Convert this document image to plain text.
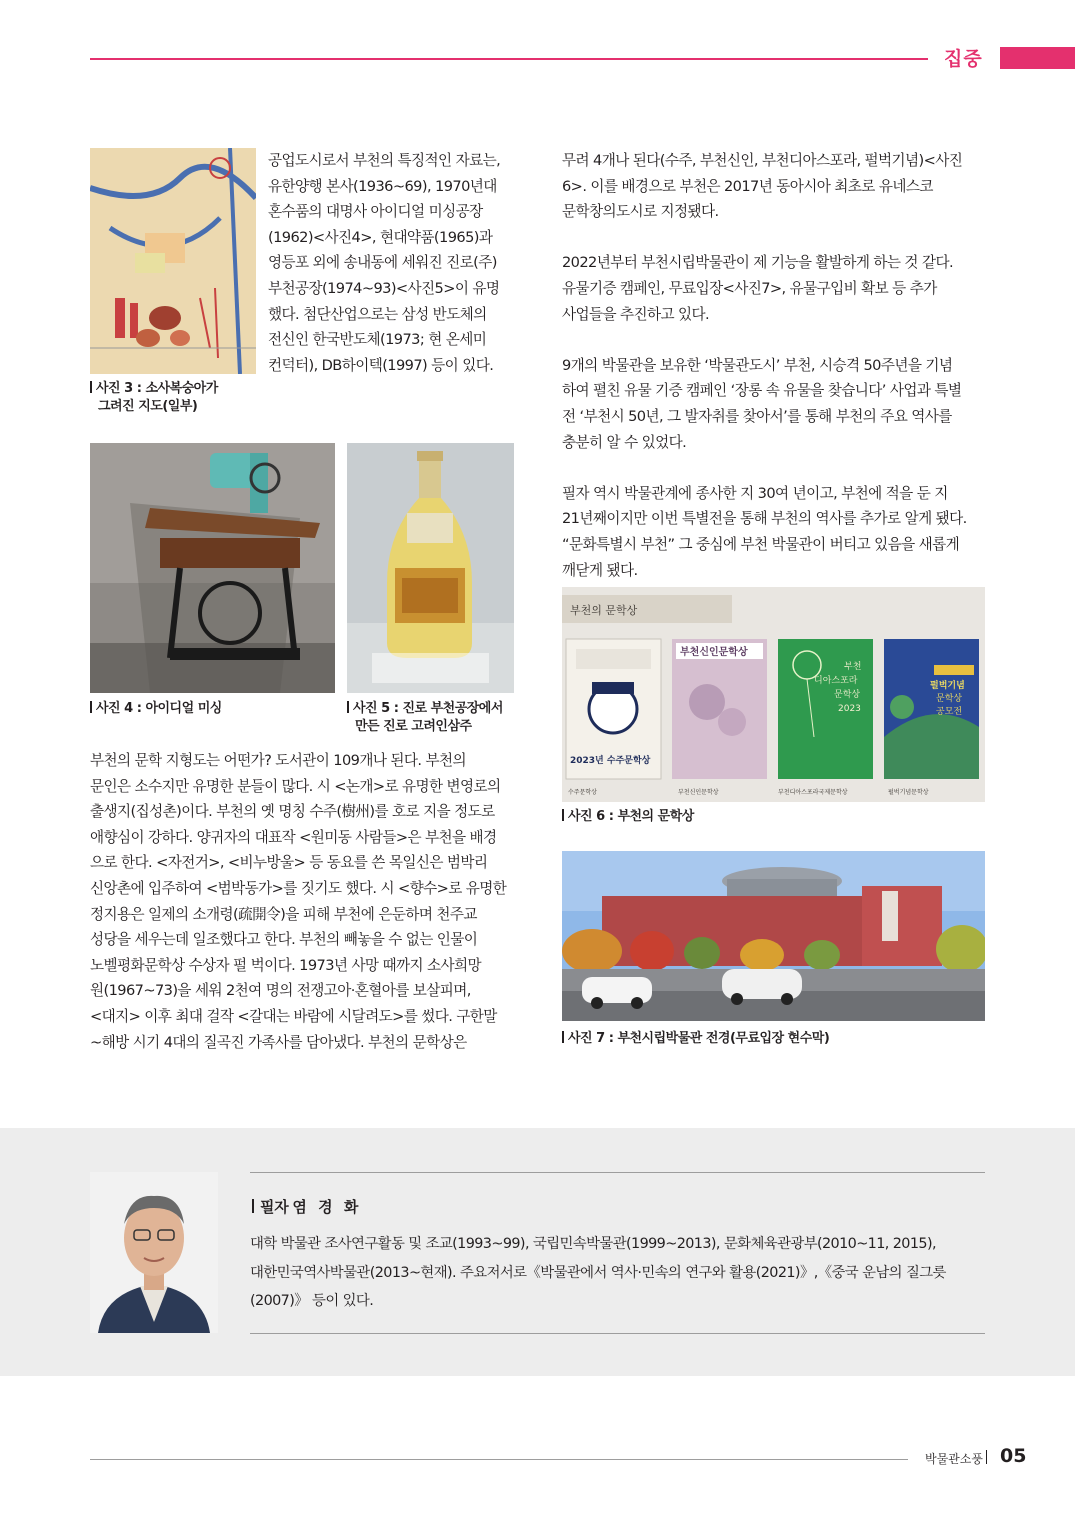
집중

공업도시로서 부천의 특징적인 자료는,

유한양행 본사(1936~69), 1970년대

혼수품의 대명사 아이디얼 미싱공장

(1962)<사진4>, 현대약품(1965)과

영등포 외에 송내동에 세워진 진로(주)

부천공장(1974~93)<사진5>이 유명

했다. 첨단산업으로는 삼성 반도체의

전신인 한국반도체(1973; 현 온세미

컨덕터), DB하이텍(1997) 등이 있다.

사진 3 : 소사복숭아가
그려진 지도(일부)
사진 4 : 아이디얼 미싱	사진 5 : 진로 부천공장에서
만든 진로 고려인삼주

부천의 문학 지형도는 어떤가? 도서관이 109개나 된다. 부천의

문인은 소수지만 유명한 분들이 많다. 시 <논개>로 유명한 변영로의

출생지(집성촌)이다. 부천의 옛 명칭 수주(樹州)를 호로 지을 정도로

애향심이 강하다. 양귀자의 대표작 <원미동 사람들>은 부천을 배경

으로 한다. <자전거>, <비누방울> 등 동요를 쓴 목일신은 범박리

신앙촌에 입주하여 <범박동가>를 짓기도 했다. 시 <향수>로 유명한

정지용은 일제의 소개령(疏開令)을 피해 부천에 은둔하며 천주교

성당을 세우는데 일조했다고 한다. 부천의 빼놓을 수 없는 인물이

노벨평화문학상 수상자 펄 벅이다. 1973년 사망 때까지 소사희망

원(1967~73)을 세워 2천여 명의 전쟁고아·혼혈아를 보살피며,

<대지> 이후 최대 걸작 <갈대는 바람에 시달려도>를 썼다. 구한말

~해방 시기 4대의 질곡진 가족사를 담아냈다. 부천의 문학상은

무려 4개나 된다(수주, 부천신인, 부천디아스포라, 펄벅기념)<사진

6>. 이를 배경으로 부천은 2017년 동아시아 최초로 유네스코

문학창의도시로 지정됐다.

2022년부터 부천시립박물관이 제 기능을 활발하게 하는 것 같다.

유물기증 캠페인, 무료입장<사진7>, 유물구입비 확보 등 추가

사업들을 추진하고 있다.

9개의 박물관을 보유한 ‘박물관도시’ 부천, 시승격 50주년을 기념

하여 펼친 유물 기증 캠페인 ‘장롱 속 유물을 찾습니다’ 사업과 특별

전 ‘부천시 50년, 그 발자취를 찾아서’를 통해 부천의 주요 역사를

충분히 알 수 있었다.

필자 역시 박물관계에 종사한 지 30여 년이고, 부천에 적을 둔 지

21년째이지만 이번 특별전을 통해 부천의 역사를 추가로 알게 됐다.

“문화특별시 부천” 그 중심에 부천 박물관이 버티고 있음을 새롭게

깨닫게 됐다.

부천의 문학상
2023년 수주문학상
부천신인문학상
부천
디아스포라
문학상
2023
펄벅기념
문학상
공모전
수주문학상	부천신인문학상	부천디아스포라국제문학상	펄벅기념문학상
사진 6 : 부천의 문학상
사진 7 : 부천시립박물관 전경(무료입장 현수막)
필자 염 경 화
대학 박물관 조사연구활동 및 조교(1993~99), 국립민속박물관(1999~2013), 문화체육관광부(2010~11, 2015),
대한민국역사박물관(2013~현재). 주요저서로《박물관에서 역사·민속의 연구와 활용(2021)》,《중국 운남의 질그릇
(2007)》 등이 있다.
박물관소풍 05
